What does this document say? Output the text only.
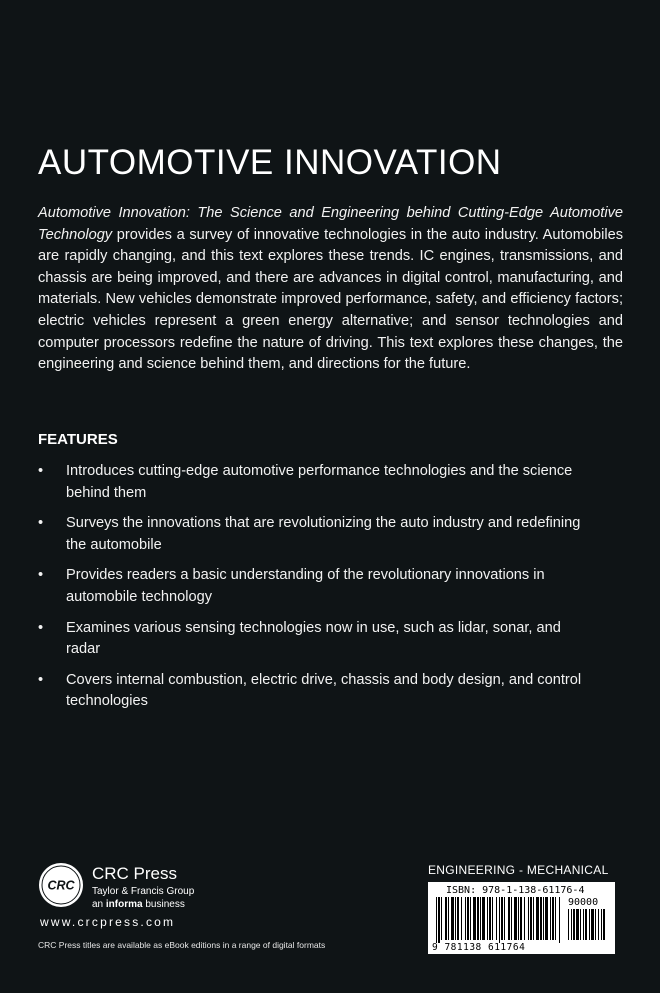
AUTOMOTIVE INNOVATION
Automotive Innovation: The Science and Engineering behind Cutting-Edge Automotive Technology provides a survey of innovative technologies in the auto industry. Automobiles are rapidly changing, and this text explores these trends. IC engines, transmissions, and chassis are being improved, and there are advances in digital control, manufacturing, and materials. New vehicles demonstrate improved performance, safety, and efficiency factors; electric vehicles represent a green energy alternative; and sensor technologies and computer processors redefine the nature of driving. This text explores these changes, the engineering and science behind them, and directions for the future.
FEATURES
• Introduces cutting-edge automotive performance technologies and the science behind them
• Surveys the innovations that are revolutionizing the auto industry and redefining the automobile
• Provides readers a basic understanding of the revolutionary innovations in automobile technology
• Examines various sensing technologies now in use, such as lidar, sonar, and radar
• Covers internal combustion, electric drive, chassis and body design, and control technologies
CRC
CRC Press
Taylor & Francis Group
an informa business
www.crcpress.com
CRC Press titles are available as eBook editions in a range of digital formats
ENGINEERING - MECHANICAL
ISBN: 978-1-138-61176-4
90000
9 781138 611764
